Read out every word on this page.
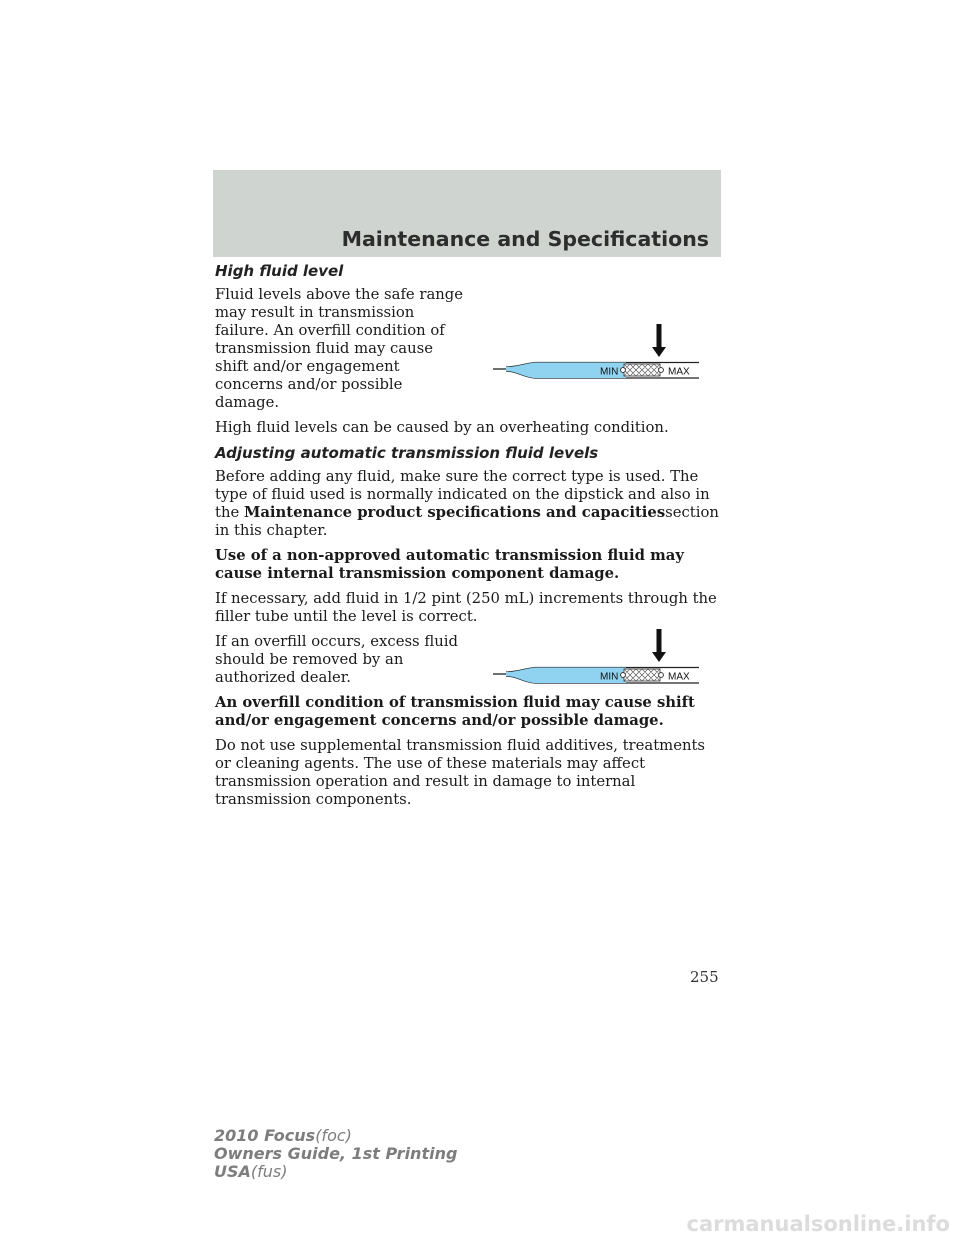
Maintenance and Specifications
High fluid level
MIN	MAX

Fluid levels above the safe range may result in transmission failure. An overfill condition of transmission fluid may cause shift and/or engagement concerns and/or possible damage.

High fluid levels can be caused by an overheating condition.

Adjusting automatic transmission fluid levels

Before adding any fluid, make sure the correct type is used. The type of fluid used is normally indicated on the dipstick and also in the Maintenance product specifications and capacitiessection in this chapter.

Use of a non-approved automatic transmission fluid may cause internal transmission component damage.

If necessary, add fluid in 1/2 pint (250 mL) increments through the filler tube until the level is correct.

MIN	MAX

If an overfill occurs, excess fluid should be removed by an authorized dealer.

An overfill condition of transmission fluid may cause shift and/or engagement concerns and/or possible damage.

Do not use supplemental transmission fluid additives, treatments or cleaning agents. The use of these materials may affect transmission operation and result in damage to internal transmission components.

255
2010 Focus(foc)
Owners Guide, 1st Printing
USA(fus)
carmanualsonline.info
